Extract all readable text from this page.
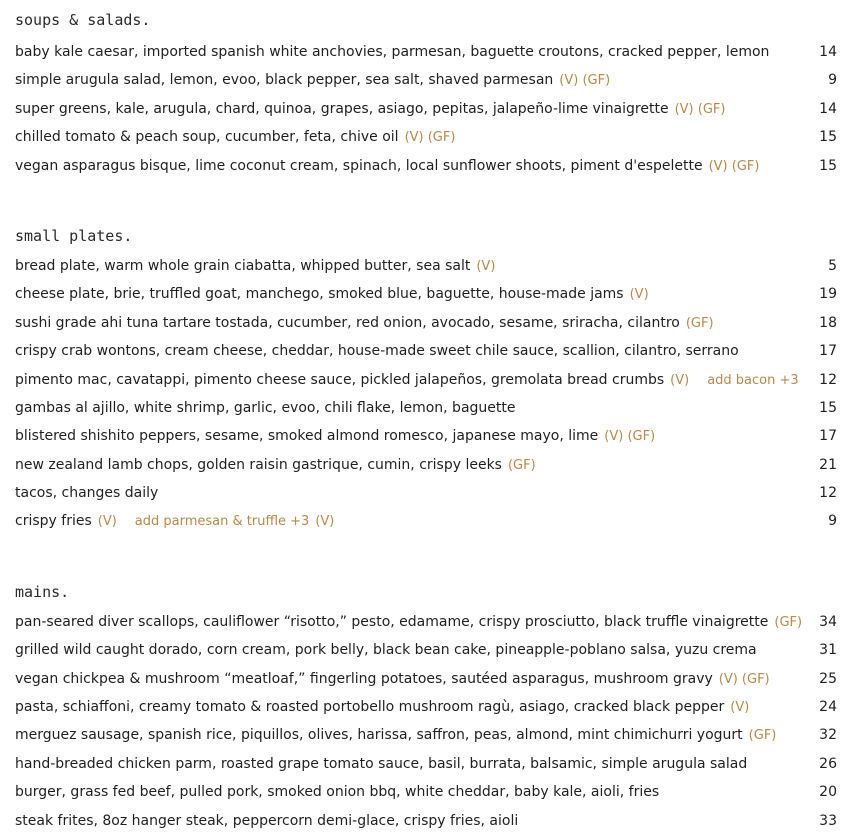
soups & salads.
baby kale caesar, imported spanish white anchovies, parmesan, baguette croutons, cracked pepper, lemon	14
simple arugula salad, lemon, evoo, black pepper, sea salt, shaved parmesan (V) (GF)	9
super greens, kale, arugula, chard, quinoa, grapes, asiago, pepitas, jalapeño-lime vinaigrette (V) (GF)	14
chilled tomato & peach soup, cucumber, feta, chive oil (V) (GF)	15
vegan asparagus bisque, lime coconut cream, spinach, local sunflower shoots, piment d'espelette (V) (GF)	15
small plates.
bread plate, warm whole grain ciabatta, whipped butter, sea salt (V)	5
cheese plate, brie, truffled goat, manchego, smoked blue, baguette, house-made jams (V)	19
sushi grade ahi tuna tartare tostada, cucumber, red onion, avocado, sesame, sriracha, cilantro (GF)	18
crispy crab wontons, cream cheese, cheddar, house-made sweet chile sauce, scallion, cilantro, serrano	17
pimento mac, cavatappi, pimento cheese sauce, pickled jalapeños, gremolata bread crumbs (V) add bacon +3	12
gambas al ajillo, white shrimp, garlic, evoo, chili flake, lemon, baguette	15
blistered shishito peppers, sesame, smoked almond romesco, japanese mayo, lime (V) (GF)	17
new zealand lamb chops, golden raisin gastrique, cumin, crispy leeks (GF)	21
tacos, changes daily	12
crispy fries (V) add parmesan & truffle +3 (V)	9
mains.
pan-seared diver scallops, cauliflower “risotto,” pesto, edamame, crispy prosciutto, black truffle vinaigrette (GF)	34
grilled wild caught dorado, corn cream, pork belly, black bean cake, pineapple-poblano salsa, yuzu crema	31
vegan chickpea & mushroom “meatloaf,” fingerling potatoes, sautéed asparagus, mushroom gravy (V) (GF)	25
pasta, schiaffoni, creamy tomato & roasted portobello mushroom ragù, asiago, cracked black pepper (V)	24
merguez sausage, spanish rice, piquillos, olives, harissa, saffron, peas, almond, mint chimichurri yogurt (GF)	32
hand-breaded chicken parm, roasted grape tomato sauce, basil, burrata, balsamic, simple arugula salad	26
burger, grass fed beef, pulled pork, smoked onion bbq, white cheddar, baby kale, aioli, fries	20
steak frites, 8oz hanger steak, peppercorn demi-glace, crispy fries, aioli	33
